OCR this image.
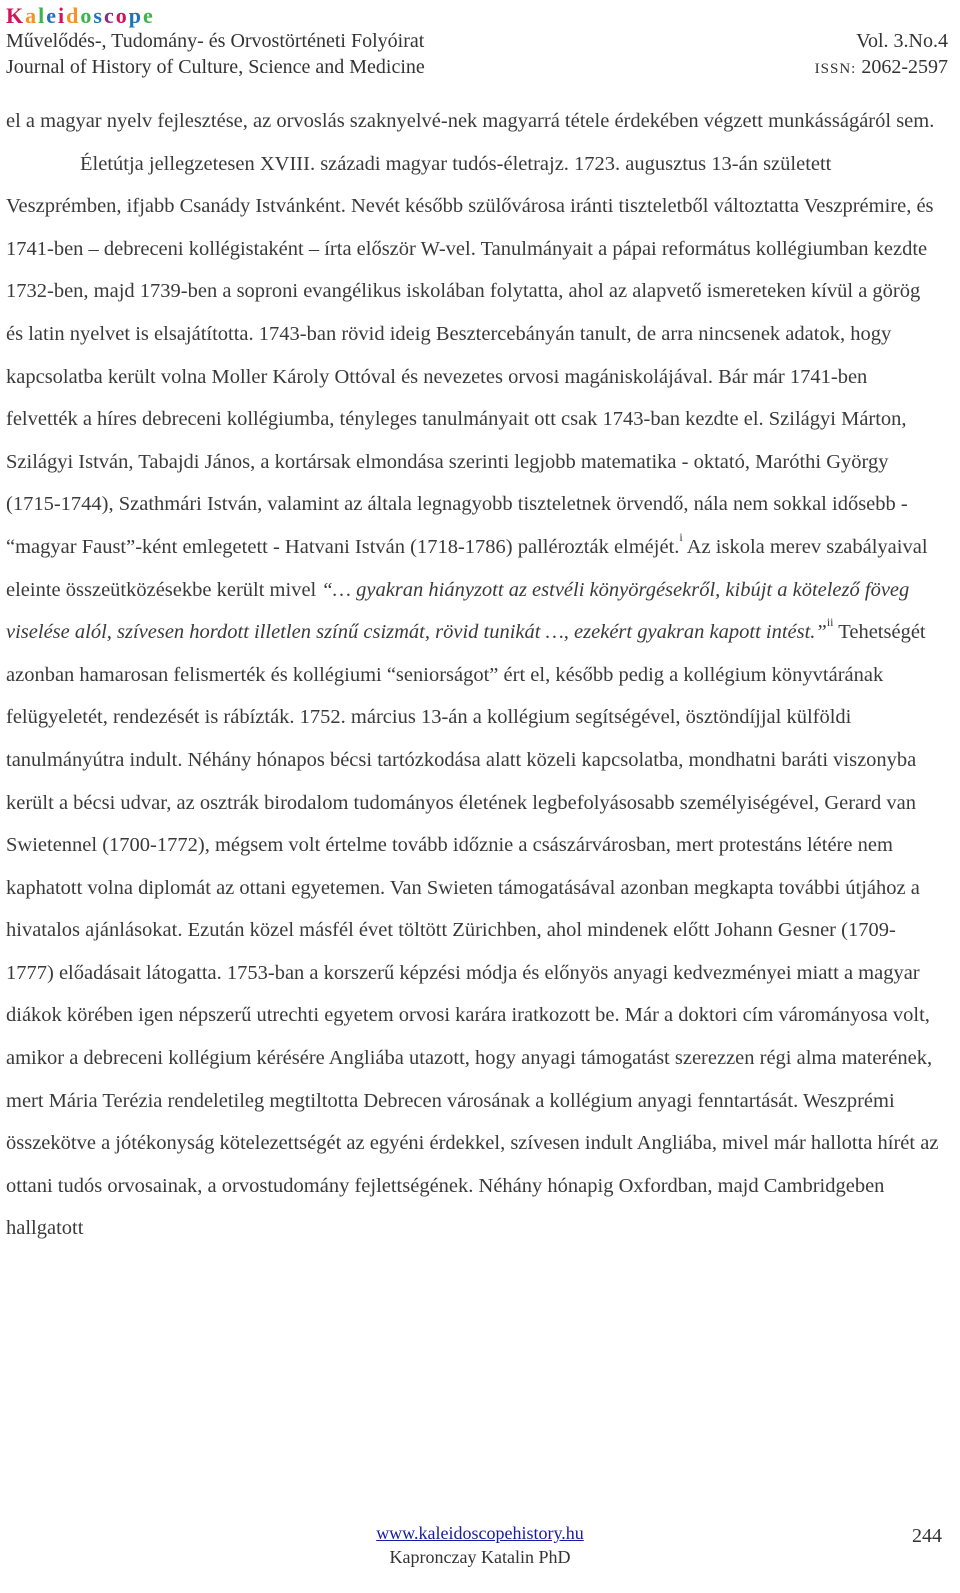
Kaleidoscope
Művelődés-, Tudomány- és Orvostörténeti Folyóirat
Journal of History of Culture, Science and Medicine
Vol. 3.No.4
ISSN: 2062-2597

el a magyar nyelv fejlesztése, az orvoslás szaknyelvé-nek magyarrá tétele érdekében végzett munkásságáról sem.

Életútja jellegzetesen XVIII. századi magyar tudós-életrajz. 1723. augusztus 13-án született Veszprémben, ifjabb Csanády Istvánként. Nevét később szülővárosa iránti tiszteletből változtatta Veszprémire, és 1741-ben – debreceni kollégistaként – írta először W-vel. Tanulmányait a pápai református kollégiumban kezdte 1732-ben, majd 1739-ben a soproni evangélikus iskolában folytatta, ahol az alapvető ismereteken kívül a görög és latin nyelvet is elsajátította. 1743-ban rövid ideig Besztercebányán tanult, de arra nincsenek adatok, hogy kapcsolatba került volna Moller Károly Ottóval és nevezetes orvosi magániskolájával. Bár már 1741-ben felvették a híres debreceni kollégiumba, tényleges tanulmányait ott csak 1743-ban kezdte el. Szilágyi Márton, Szilágyi István, Tabajdi János, a kortársak elmondása szerinti legjobb matematika - oktató, Maróthi György (1715-1744), Szathmári István, valamint az általa legnagyobb tiszteletnek örvendő, nála nem sokkal idősebb - “magyar Faust”-ként emlegetett - Hatvani István (1718-1786) pallérozták elméjét.$^i$ Az iskola merev szabályaival eleinte összeütközésekbe került mivel “… gyakran hiányzott az estvéli könyörgésekről, kibújt a kötelező föveg viselése alól, szívesen hordott illetlen színű csizmát, rövid tunikát …, ezekért gyakran kapott intést.”$^{ii}$ Tehetségét azonban hamarosan felismerték és kollégiumi “seniorságot” ért el, később pedig a kollégium könyvtárának felügyeletét, rendezését is rábízták. 1752. március 13-án a kollégium segítségével, ösztöndíjjal külföldi tanulmányútra indult. Néhány hónapos bécsi tartózkodása alatt közeli kapcsolatba, mondhatni baráti viszonyba került a bécsi udvar, az osztrák birodalom tudományos életének legbefolyásosabb személyiségével, Gerard van Swietennel (1700-1772), mégsem volt értelme tovább időznie a császárvárosban, mert protestáns létére nem kaphatott volna diplomát az ottani egyetemen. Van Swieten támogatásával azonban megkapta további útjához a hivatalos ajánlásokat. Ezután közel másfél évet töltött Zürichben, ahol mindenek előtt Johann Gesner (1709-1777) előadásait látogatta. 1753-ban a korszerű képzési módja és előnyös anyagi kedvezményei miatt a magyar diákok körében igen népszerű utrechti egyetem orvosi karára iratkozott be. Már a doktori cím várományosa volt, amikor a debreceni kollégium kérésére Angliába utazott, hogy anyagi támogatást szerezzen régi alma materének, mert Mária Terézia rendeletileg megtiltotta Debrecen városának a kollégium anyagi fenntartását. Weszprémi összekötve a jótékonyság kötelezettségét az egyéni érdekkel, szívesen indult Angliába, mivel már hallotta hírét az ottani tudós orvosainak, a orvostudomány fejlettségének. Néhány hónapig Oxfordban, majd Cambridgeben hallgatott

www.kaleidoscopehistory.hu
Kapronczay Katalin PhD
244
